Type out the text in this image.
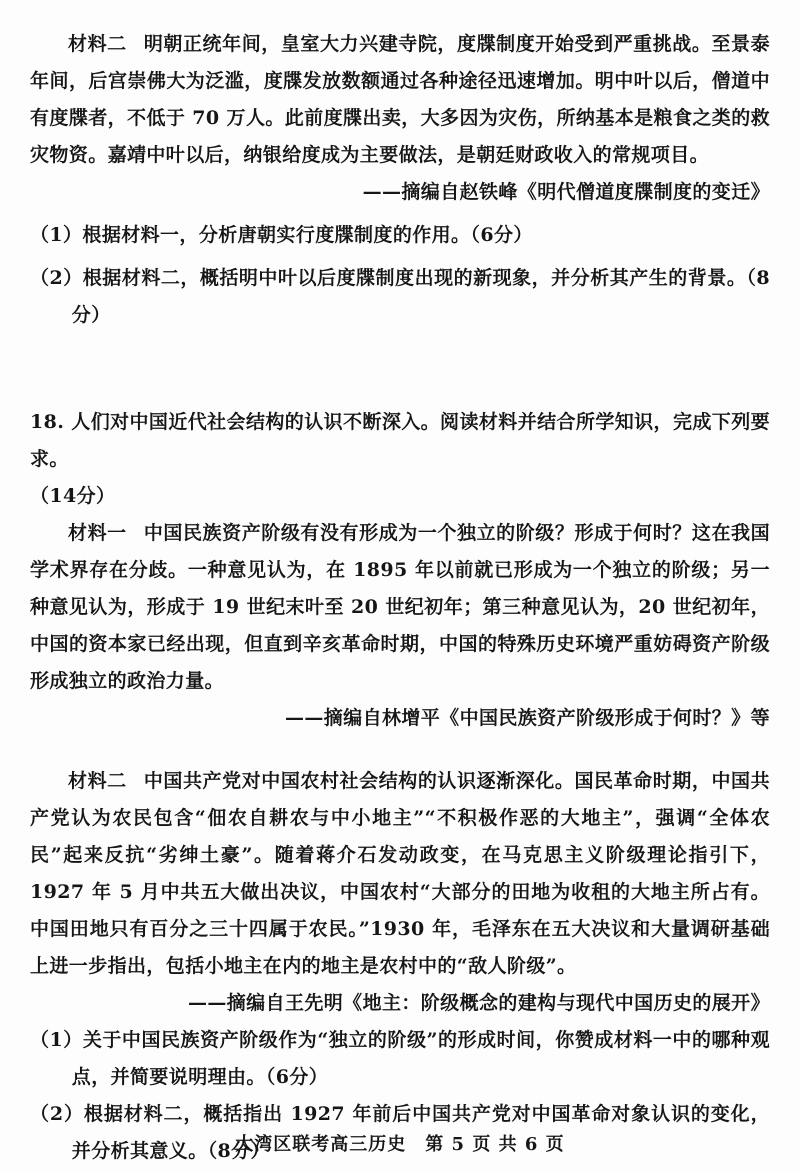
材料二 明朝正统年间，皇室大力兴建寺院，度牒制度开始受到严重挑战。至景泰年间，后宫崇佛大为泛滥，度牒发放数额通过各种途径迅速增加。明中叶以后，僧道中有度牒者，不低于 70 万人。此前度牒出卖，大多因为灾伤，所纳基本是粮食之类的救灾物资。嘉靖中叶以后，纳银给度成为主要做法，是朝廷财政收入的常规项目。

——摘编自赵铁峰《明代僧道度牒制度的变迁》

（1）根据材料一，分析唐朝实行度牒制度的作用。（6分）

（2）根据材料二，概括明中叶以后度牒制度出现的新现象，并分析其产生的背景。（8分）

18. 人们对中国近代社会结构的认识不断深入。阅读材料并结合所学知识，完成下列要求。

（14分）

材料一 中国民族资产阶级有没有形成为一个独立的阶级？形成于何时？这在我国学术界存在分歧。一种意见认为，在 1895 年以前就已形成为一个独立的阶级；另一种意见认为，形成于 19 世纪末叶至 20 世纪初年；第三种意见认为，20 世纪初年，中国的资本家已经出现，但直到辛亥革命时期，中国的特殊历史环境严重妨碍资产阶级形成独立的政治力量。

——摘编自林增平《中国民族资产阶级形成于何时？》等

材料二 中国共产党对中国农村社会结构的认识逐渐深化。国民革命时期，中国共产党认为农民包含“佃农自耕农与中小地主”“不积极作恶的大地主”，强调“全体农民”起来反抗“劣绅土豪”。随着蒋介石发动政变，在马克思主义阶级理论指引下，1927 年 5 月中共五大做出决议，中国农村“大部分的田地为收租的大地主所占有。中国田地只有百分之三十四属于农民。”1930 年，毛泽东在五大决议和大量调研基础上进一步指出，包括小地主在内的地主是农村中的“敌人阶级”。

——摘编自王先明《地主：阶级概念的建构与现代中国历史的展开》

（1）关于中国民族资产阶级作为“独立的阶级”的形成时间，你赞成材料一中的哪种观点，并简要说明理由。（6分）

（2）根据材料二，概括指出 1927 年前后中国共产党对中国革命对象认识的变化，并分析其意义。（8分）

大湾区联考高三历史　第 5 页 共 6 页
